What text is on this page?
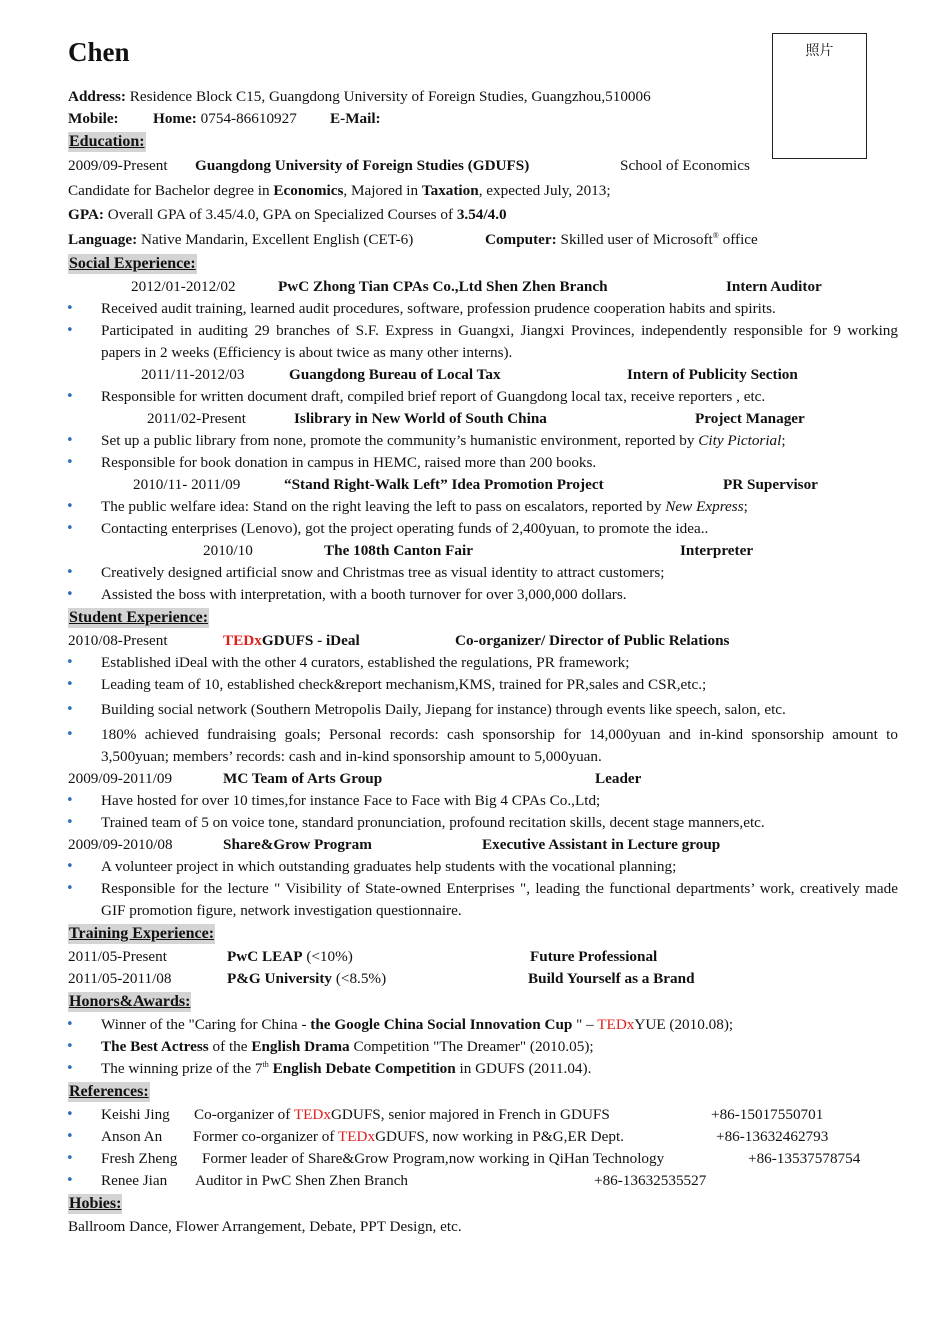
照片
Chen
Address: Residence Block C15, Guangdong University of Foreign Studies, Guangzhou,510006
Mobile: Home: 0754-86610927 E-Mail:
Education:
2009/09-Present Guangdong University of Foreign Studies (GDUFS)	School of Economics
Candidate for Bachelor degree in Economics, Majored in Taxation, expected July, 2013;
GPA: Overall GPA of 3.45/4.0, GPA on Specialized Courses of 3.54/4.0
Language: Native Mandarin, Excellent English (CET-6)	Computer: Skilled user of Microsoft® office
Social Experience:
2012/01-2012/02	PwC Zhong Tian CPAs Co.,Ltd Shen Zhen Branch	Intern Auditor
• Received audit training, learned audit procedures, software, profession prudence cooperation habits and spirits.
• Participated in auditing 29 branches of S.F. Express in Guangxi, Jiangxi Provinces, independently responsible for 9 working papers in 2 weeks (Efficiency is about twice as many other interns).
2011/11-2012/03	Guangdong Bureau of Local Tax	Intern of Publicity Section
• Responsible for written document draft, compiled brief report of Guangdong local tax, receive reporters , etc.
2011/02-Present	Islibrary in New World of South China	Project Manager
• Set up a public library from none, promote the community’s humanistic environment, reported by City Pictorial;
• Responsible for book donation in campus in HEMC, raised more than 200 books.
2010/11- 2011/09	“Stand Right-Walk Left” Idea Promotion Project	PR Supervisor
• The public welfare idea: Stand on the right leaving the left to pass on escalators, reported by New Express;
• Contacting enterprises (Lenovo), got the project operating funds of 2,400yuan, to promote the idea..
2010/10	The 108th Canton Fair	Interpreter
• Creatively designed artificial snow and Christmas tree as visual identity to attract customers;
• Assisted the boss with interpretation, with a booth turnover for over 3,000,000 dollars.
Student Experience:
2010/08-Present	TEDxGDUFS - iDeal	Co-organizer/ Director of Public Relations
• Established iDeal with the other 4 curators, established the regulations, PR framework;
• Leading team of 10, established check&report mechanism,KMS, trained for PR,sales and CSR,etc.;
• Building social network (Southern Metropolis Daily, Jiepang for instance) through events like speech, salon, etc.
• 180% achieved fundraising goals; Personal records: cash sponsorship for 14,000yuan and in-kind sponsorship amount to 3,500yuan; members’ records: cash and in-kind sponsorship amount to 5,000yuan.
2009/09-2011/09	MC Team of Arts Group	Leader
• Have hosted for over 10 times,for instance Face to Face with Big 4 CPAs Co.,Ltd;
• Trained team of 5 on voice tone, standard pronunciation, profound recitation skills, decent stage manners,etc.
2009/09-2010/08	Share&Grow Program	Executive Assistant in Lecture group
• A volunteer project in which outstanding graduates help students with the vocational planning;
• Responsible for the lecture " Visibility of State-owned Enterprises ", leading the functional departments’ work, creatively made GIF promotion figure, network investigation questionnaire.
Training Experience:
2011/05-Present	PwC LEAP (<10%)	Future Professional
2011/05-2011/08	P&G University (<8.5%)	Build Yourself as a Brand
Honors&Awards:
• Winner of the "Caring for China - the Google China Social Innovation Cup " – TEDxYUE (2010.08);
• The Best Actress of the English Drama Competition "The Dreamer" (2010.05);
• The winning prize of the 7th English Debate Competition in GDUFS (2011.04).
References:
• Keishi Jing Co-organizer of TEDxGDUFS, senior majored in French in GDUFS	+86-15017550701
• Anson An Former co-organizer of TEDxGDUFS, now working in P&G,ER Dept.	+86-13632462793
• Fresh Zheng Former leader of Share&Grow Program,now working in QiHan Technology	+86-13537578754
• Renee Jian Auditor in PwC Shen Zhen Branch	+86-13632535527
Hobies:
Ballroom Dance, Flower Arrangement, Debate, PPT Design, etc.
